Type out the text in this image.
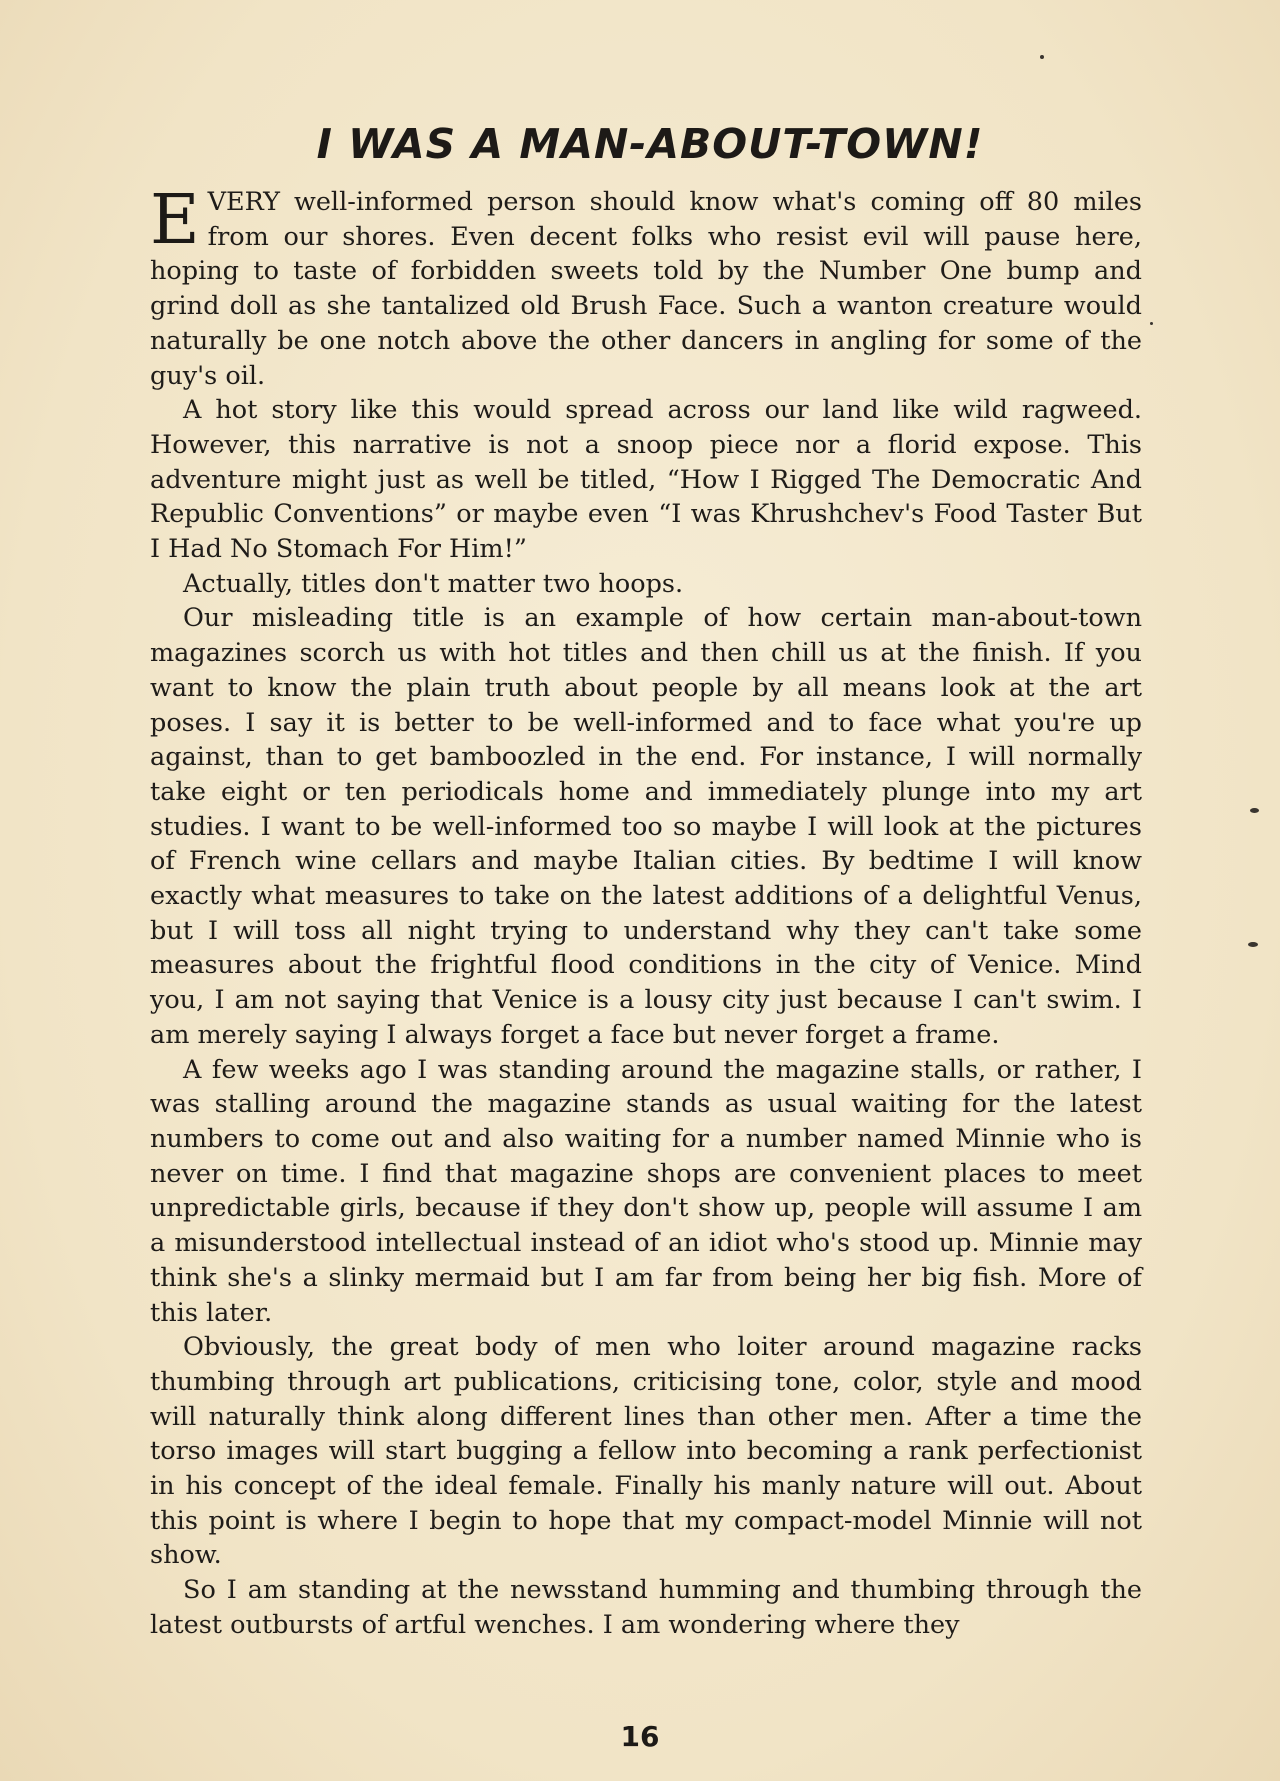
I WAS A MAN-ABOUT-TOWN!

EVERY well-informed person should know what's coming off 80 miles from our shores. Even decent folks who resist evil will pause here, hoping to taste of forbidden sweets told by the Number One bump and grind doll as she tantalized old Brush Face. Such a wanton creature would naturally be one notch above the other dancers in angling for some of the guy's oil.

A hot story like this would spread across our land like wild ragweed. However, this narrative is not a snoop piece nor a florid expose. This adventure might just as well be titled, “How I Rigged The Democratic And Republic Conventions” or maybe even “I was Khrushchev's Food Taster But I Had No Stomach For Him!”

Actually, titles don't matter two hoops.

Our misleading title is an example of how certain man-about-town magazines scorch us with hot titles and then chill us at the finish. If you want to know the plain truth about people by all means look at the art poses. I say it is better to be well-informed and to face what you're up against, than to get bamboozled in the end. For instance, I will normally take eight or ten periodicals home and immediately plunge into my art studies. I want to be well-informed too so maybe I will look at the pictures of French wine cellars and maybe Italian cities. By bedtime I will know exactly what measures to take on the latest additions of a delightful Venus, but I will toss all night trying to understand why they can't take some measures about the frightful flood conditions in the city of Venice. Mind you, I am not saying that Venice is a lousy city just because I can't swim. I am merely saying I always forget a face but never forget a frame.

A few weeks ago I was standing around the magazine stalls, or rather, I was stalling around the magazine stands as usual waiting for the latest numbers to come out and also waiting for a number named Minnie who is never on time. I find that magazine shops are convenient places to meet unpredictable girls, because if they don't show up, people will assume I am a misunderstood intellectual instead of an idiot who's stood up. Minnie may think she's a slinky mermaid but I am far from being her big fish. More of this later.

Obviously, the great body of men who loiter around magazine racks thumbing through art publications, criticising tone, color, style and mood will naturally think along different lines than other men. After a time the torso images will start bugging a fellow into becoming a rank perfectionist in his concept of the ideal female. Finally his manly nature will out. About this point is where I begin to hope that my compact-model Minnie will not show.

So I am standing at the newsstand humming and thumbing through the latest outbursts of artful wenches. I am wondering where they

16
